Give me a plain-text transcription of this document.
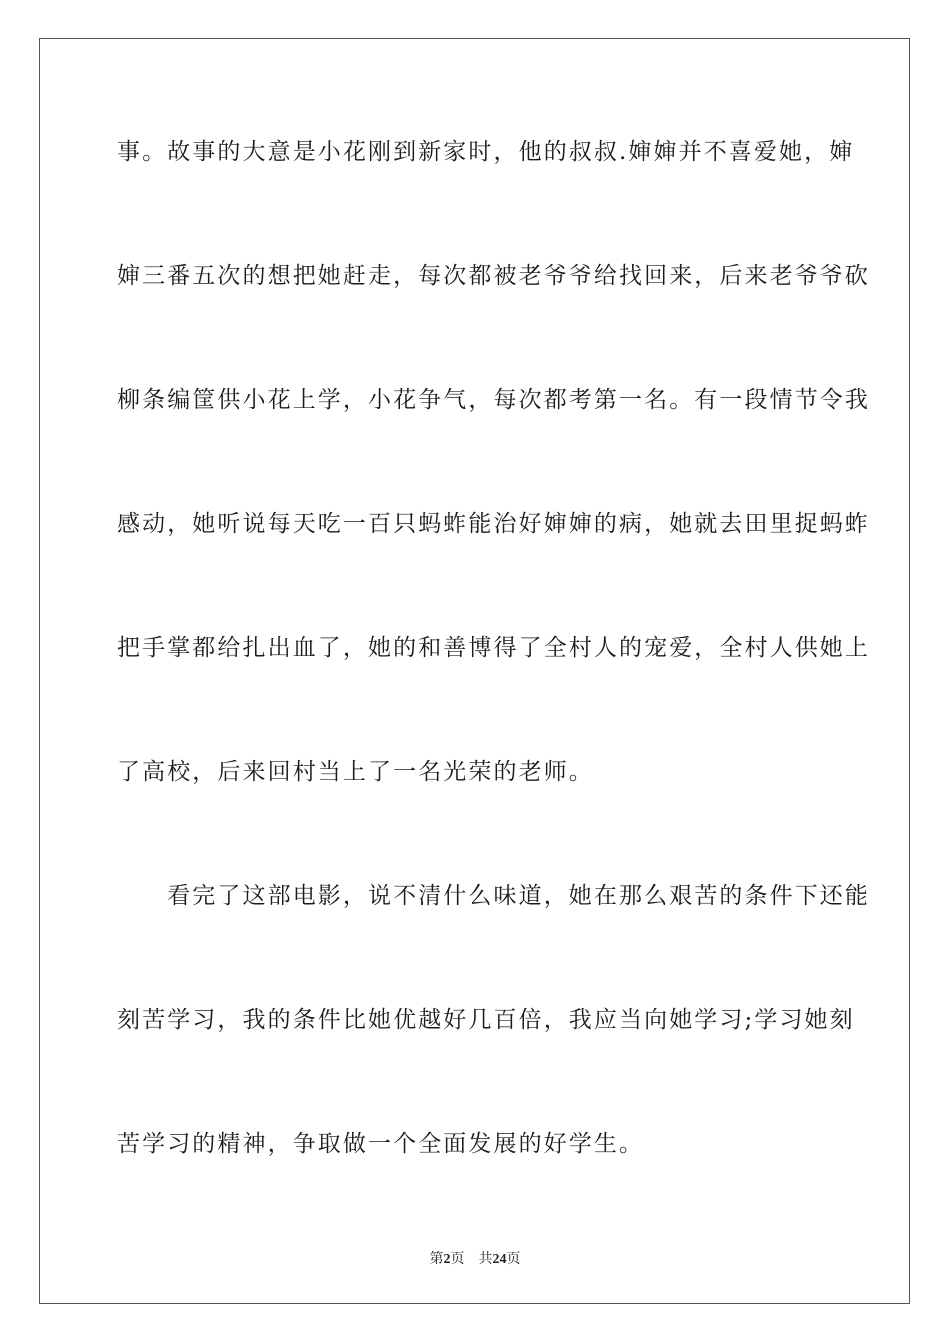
事。故事的大意是小花刚到新家时，他的叔叔.婶婶并不喜爱她，婶
婶三番五次的想把她赶走，每次都被老爷爷给找回来，后来老爷爷砍
柳条编筐供小花上学，小花争气，每次都考第一名。有一段情节令我
感动，她听说每天吃一百只蚂蚱能治好婶婶的病，她就去田里捉蚂蚱
把手掌都给扎出血了，她的和善博得了全村人的宠爱，全村人供她上
了高校，后来回村当上了一名光荣的老师。
　　看完了这部电影，说不清什么味道，她在那么艰苦的条件下还能
刻苦学习，我的条件比她优越好几百倍，我应当向她学习;学习她刻
苦学习的精神，争取做一个全面发展的好学生。
第2页 共24页
